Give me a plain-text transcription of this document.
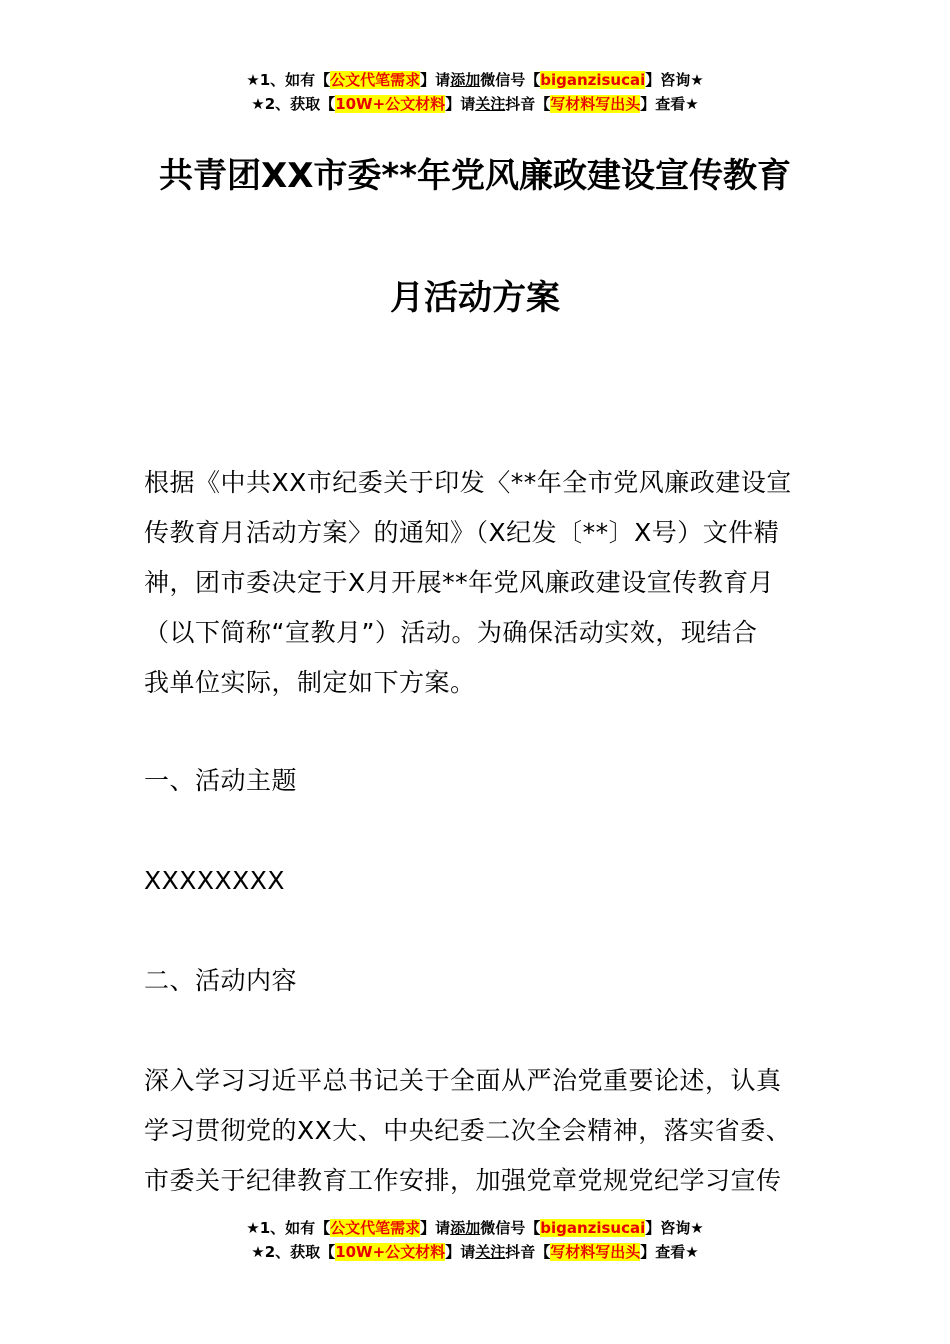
★1、如有【公文代笔需求】请添加微信号【biganzisucai】咨询★
★2、获取【10W+公文材料】请关注抖音【写材料写出头】查看★
共青团XX市委**年党风廉政建设宣传教育
月活动方案
根据《中共XX市纪委关于印发〈**年全市党风廉政建设宣
传教育月活动方案〉的通知》（X纪发〔**〕X号）文件精
神，团市委决定于X月开展**年党风廉政建设宣传教育月
（以下简称“宣教月”）活动。为确保活动实效，现结合
我单位实际，制定如下方案。
一、活动主题
XXXXXXXX
二、活动内容
深入学习习近平总书记关于全面从严治党重要论述，认真
学习贯彻党的XX大、中央纪委二次全会精神，落实省委、
市委关于纪律教育工作安排，加强党章党规党纪学习宣传
★1、如有【公文代笔需求】请添加微信号【biganzisucai】咨询★
★2、获取【10W+公文材料】请关注抖音【写材料写出头】查看★
